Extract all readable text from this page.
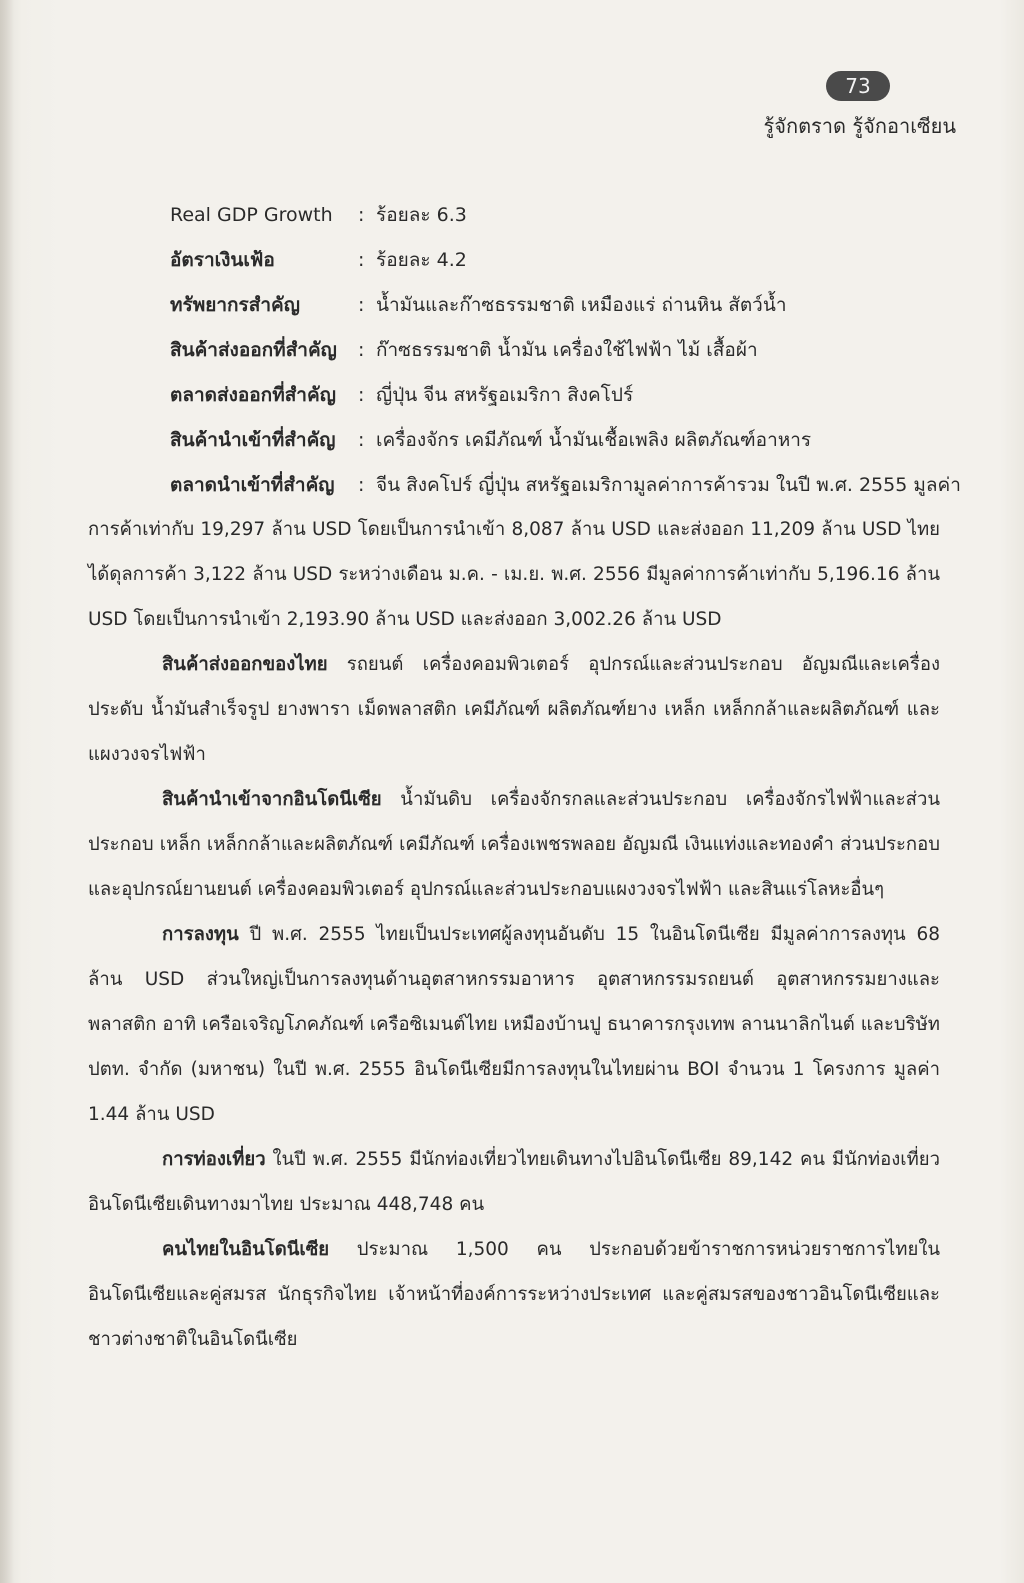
73
รู้จักตราด รู้จักอาเซียน
Real GDP Growth	: ร้อยละ 6.3
อัตราเงินเฟ้อ	: ร้อยละ 4.2
ทรัพยากรสำคัญ	: น้ำมันและก๊าซธรรมชาติ เหมืองแร่ ถ่านหิน สัตว์น้ำ
สินค้าส่งออกที่สำคัญ	: ก๊าซธรรมชาติ น้ำมัน เครื่องใช้ไฟฟ้า ไม้ เสื้อผ้า
ตลาดส่งออกที่สำคัญ	: ญี่ปุ่น จีน สหรัฐอเมริกา สิงคโปร์
สินค้านำเข้าที่สำคัญ	: เครื่องจักร เคมีภัณฑ์ น้ำมันเชื้อเพลิง ผลิตภัณฑ์อาหาร
ตลาดนำเข้าที่สำคัญ	: จีน สิงคโปร์ ญี่ปุ่น สหรัฐอเมริกามูลค่าการค้ารวม ในปี พ.ศ. 2555 มูลค่า

การค้าเท่ากับ 19,297 ล้าน USD โดยเป็นการนำเข้า 8,087 ล้าน USD และส่งออก 11,209 ล้าน USD ไทยได้ดุลการค้า 3,122 ล้าน USD ระหว่างเดือน ม.ค. - เม.ย. พ.ศ. 2556 มีมูลค่าการค้าเท่ากับ 5,196.16 ล้าน USD โดยเป็นการนำเข้า 2,193.90 ล้าน USD และส่งออก 3,002.26 ล้าน USD

สินค้าส่งออกของไทย รถยนต์ เครื่องคอมพิวเตอร์ อุปกรณ์และส่วนประกอบ อัญมณีและเครื่องประดับ น้ำมันสำเร็จรูป ยางพารา เม็ดพลาสติก เคมีภัณฑ์ ผลิตภัณฑ์ยาง เหล็ก เหล็กกล้าและผลิตภัณฑ์ และแผงวงจรไฟฟ้า

สินค้านำเข้าจากอินโดนีเซีย น้ำมันดิบ เครื่องจักรกลและส่วนประกอบ เครื่องจักรไฟฟ้าและส่วนประกอบ เหล็ก เหล็กกล้าและผลิตภัณฑ์ เคมีภัณฑ์ เครื่องเพชรพลอย อัญมณี เงินแท่งและทองคำ ส่วนประกอบและอุปกรณ์ยานยนต์ เครื่องคอมพิวเตอร์ อุปกรณ์และส่วนประกอบแผงวงจรไฟฟ้า และสินแร่โลหะอื่นๆ

การลงทุน ปี พ.ศ. 2555 ไทยเป็นประเทศผู้ลงทุนอันดับ 15 ในอินโดนีเซีย มีมูลค่าการลงทุน 68 ล้าน USD ส่วนใหญ่เป็นการลงทุนด้านอุตสาหกรรมอาหาร อุตสาหกรรมรถยนต์ อุตสาหกรรมยางและพลาสติก อาทิ เครือเจริญโภคภัณฑ์ เครือซิเมนต์ไทย เหมืองบ้านปู ธนาคารกรุงเทพ ลานนาลิกไนต์ และบริษัท ปตท. จำกัด (มหาชน) ในปี พ.ศ. 2555 อินโดนีเซียมีการลงทุนในไทยผ่าน BOI จำนวน 1 โครงการ มูลค่า 1.44 ล้าน USD

การท่องเที่ยว ในปี พ.ศ. 2555 มีนักท่องเที่ยวไทยเดินทางไปอินโดนีเซีย 89,142 คน มีนักท่องเที่ยวอินโดนีเซียเดินทางมาไทย ประมาณ 448,748 คน

คนไทยในอินโดนีเซีย ประมาณ 1,500 คน ประกอบด้วยข้าราชการหน่วยราชการไทยในอินโดนีเซียและคู่สมรส นักธุรกิจไทย เจ้าหน้าที่องค์การระหว่างประเทศ และคู่สมรสของชาวอินโดนีเซียและชาวต่างชาติในอินโดนีเซีย
